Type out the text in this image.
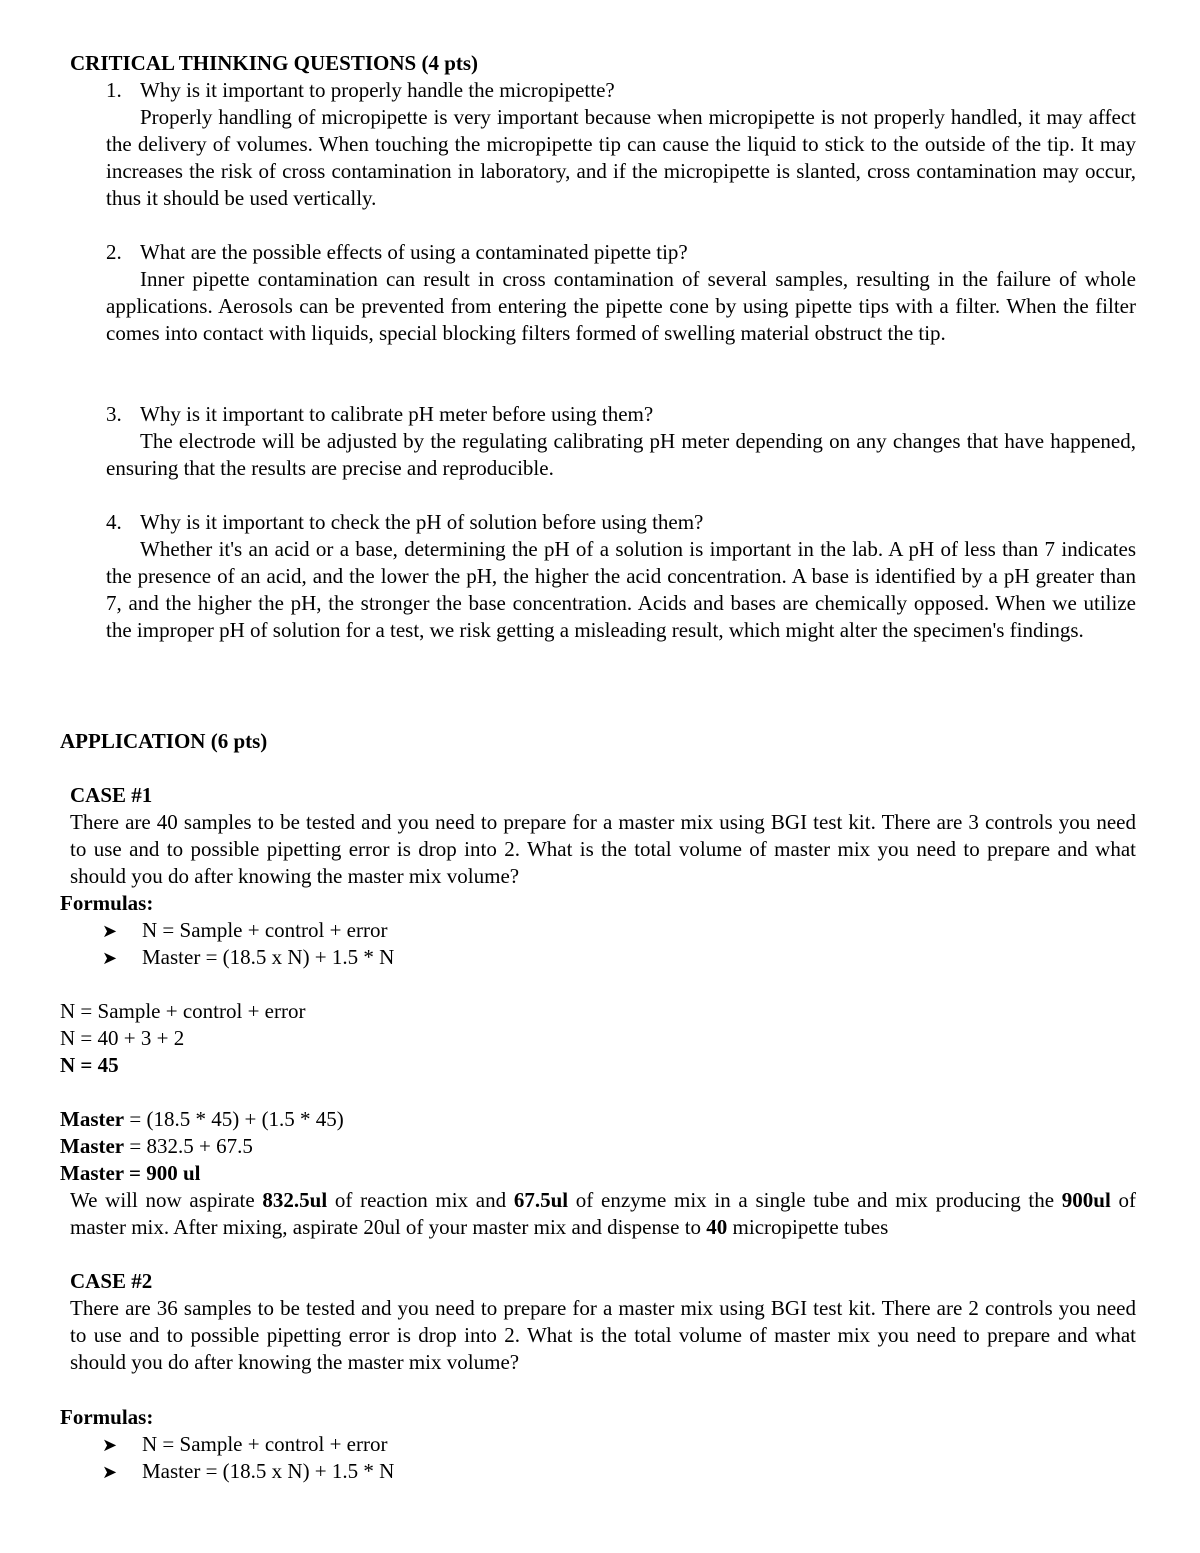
CRITICAL THINKING QUESTIONS (4 pts)
1. Why is it important to properly handle the micropipette?
Properly handling of micropipette is very important because when micropipette is not properly handled, it may affect the delivery of volumes. When touching the micropipette tip can cause the liquid to stick to the outside of the tip. It may increases the risk of cross contamination in laboratory, and if the micropipette is slanted, cross contamination may occur, thus it should be used vertically.
2. What are the possible effects of using a contaminated pipette tip?
Inner pipette contamination can result in cross contamination of several samples, resulting in the failure of whole applications. Aerosols can be prevented from entering the pipette cone by using pipette tips with a filter. When the filter comes into contact with liquids, special blocking filters formed of swelling material obstruct the tip.
3. Why is it important to calibrate pH meter before using them?
The electrode will be adjusted by the regulating calibrating pH meter depending on any changes that have happened, ensuring that the results are precise and reproducible.
4. Why is it important to check the pH of solution before using them?
Whether it's an acid or a base, determining the pH of a solution is important in the lab. A pH of less than 7 indicates the presence of an acid, and the lower the pH, the higher the acid concentration. A base is identified by a pH greater than 7, and the higher the pH, the stronger the base concentration. Acids and bases are chemically opposed. When we utilize the improper pH of solution for a test, we risk getting a misleading result, which might alter the specimen's findings.
APPLICATION (6 pts)
CASE #1
There are 40 samples to be tested and you need to prepare for a master mix using BGI test kit. There are 3 controls you need to use and to possible pipetting error is drop into 2. What is the total volume of master mix you need to prepare and what should you do after knowing the master mix volume?
Formulas:
➤ N = Sample + control + error
➤ Master = (18.5 x N) + 1.5 * N
N = Sample + control + error
N = 40 + 3 + 2
N = 45
Master = (18.5 * 45) + (1.5 * 45)
Master = 832.5 + 67.5
Master = 900 ul
We will now aspirate 832.5ul of reaction mix and 67.5ul of enzyme mix in a single tube and mix producing the 900ul of master mix. After mixing, aspirate 20ul of your master mix and dispense to 40 micropipette tubes
CASE #2
There are 36 samples to be tested and you need to prepare for a master mix using BGI test kit. There are 2 controls you need to use and to possible pipetting error is drop into 2. What is the total volume of master mix you need to prepare and what should you do after knowing the master mix volume?
Formulas:
➤ N = Sample + control + error
➤ Master = (18.5 x N) + 1.5 * N
